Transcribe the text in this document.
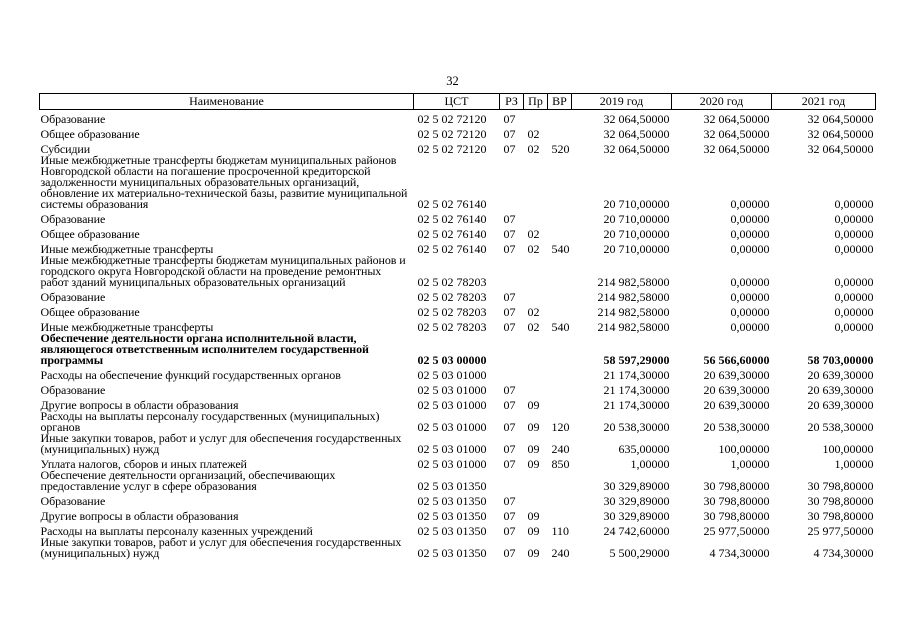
32
Наименование	ЦСТ	РЗ	Пр	ВР	2019 год	2020 год	2021 год
Образование	02 5 02 72120	07			32 064,50000	32 064,50000	32 064,50000
Общее образование	02 5 02 72120	07	02		32 064,50000	32 064,50000	32 064,50000
Субсидии	02 5 02 72120	07	02	520	32 064,50000	32 064,50000	32 064,50000
Иные межбюджетные трансферты бюджетам муниципальных районов Новгородской области на погашение просроченной кредиторской задолженности муниципальных образовательных организаций, обновление их материально-технической базы, развитие муниципальной системы образования	02 5 02 76140				20 710,00000	0,00000	0,00000
Образование	02 5 02 76140	07			20 710,00000	0,00000	0,00000
Общее образование	02 5 02 76140	07	02		20 710,00000	0,00000	0,00000
Иные межбюджетные трансферты	02 5 02 76140	07	02	540	20 710,00000	0,00000	0,00000
Иные межбюджетные трансферты бюджетам муниципальных районов и городского округа Новгородской области на проведение ремонтных работ зданий муниципальных образовательных организаций	02 5 02 78203				214 982,58000	0,00000	0,00000
Образование	02 5 02 78203	07			214 982,58000	0,00000	0,00000
Общее образование	02 5 02 78203	07	02		214 982,58000	0,00000	0,00000
Иные межбюджетные трансферты	02 5 02 78203	07	02	540	214 982,58000	0,00000	0,00000
Обеспечение деятельности органа исполнительной власти, являющегося ответственным исполнителем государственной программы	02 5 03 00000				58 597,29000	56 566,60000	58 703,00000
Расходы на обеспечение функций государственных органов	02 5 03 01000				21 174,30000	20 639,30000	20 639,30000
Образование	02 5 03 01000	07			21 174,30000	20 639,30000	20 639,30000
Другие вопросы в области образования	02 5 03 01000	07	09		21 174,30000	20 639,30000	20 639,30000
Расходы на выплаты персоналу государственных (муниципальных) органов	02 5 03 01000	07	09	120	20 538,30000	20 538,30000	20 538,30000
Иные закупки товаров, работ и услуг для обеспечения государственных (муниципальных) нужд	02 5 03 01000	07	09	240	635,00000	100,00000	100,00000
Уплата налогов, сборов и иных платежей	02 5 03 01000	07	09	850	1,00000	1,00000	1,00000
Обеспечение деятельности организаций, обеспечивающих предоставление услуг в сфере образования	02 5 03 01350				30 329,89000	30 798,80000	30 798,80000
Образование	02 5 03 01350	07			30 329,89000	30 798,80000	30 798,80000
Другие вопросы в области образования	02 5 03 01350	07	09		30 329,89000	30 798,80000	30 798,80000
Расходы на выплаты персоналу казенных учреждений	02 5 03 01350	07	09	110	24 742,60000	25 977,50000	25 977,50000
Иные закупки товаров, работ и услуг для обеспечения государственных (муниципальных) нужд	02 5 03 01350	07	09	240	5 500,29000	4 734,30000	4 734,30000
